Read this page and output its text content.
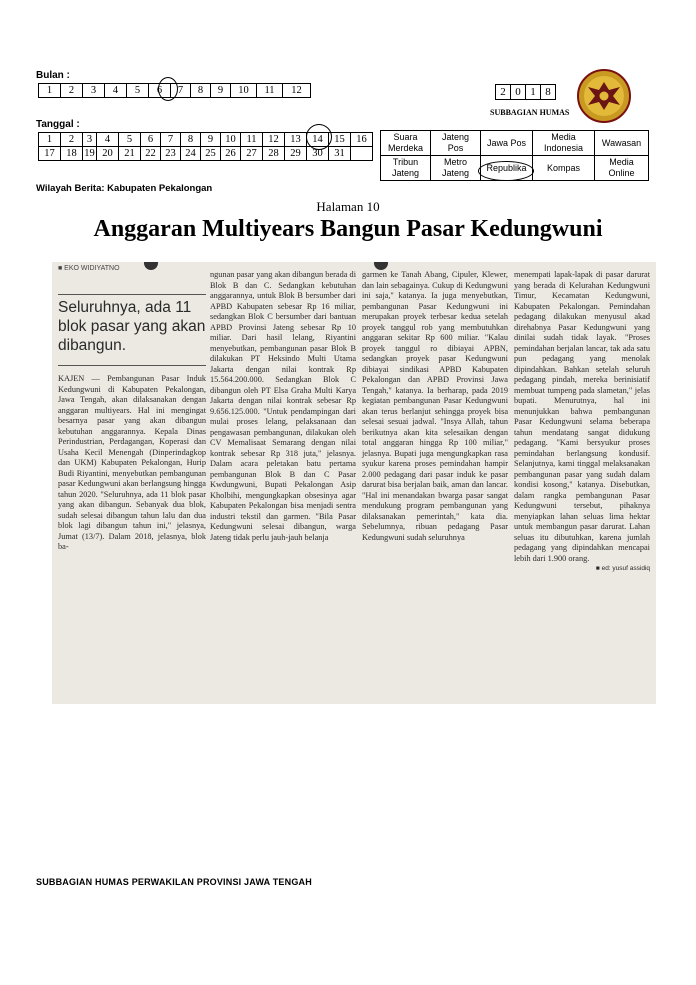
Bulan :
1	2	3	4	5	6	7	8	9	10	11	12
Tanggal :
1	2	3	4	5	6	7	8	9	10	11	12	13	14	15	16
17	18	19	20	21	22	23	24	25	26	27	28	29	30	31	
Wilayah Berita: Kabupaten Pekalongan
2	0	1	8
SUBBAGIAN HUMAS
Suara Merdeka	Jateng Pos	Jawa Pos	Media Indonesia	Wawasan
Tribun Jateng	Metro Jateng	Republika	Kompas	Media Online
Halaman 10
Anggaran Multiyears Bangun Pasar Kedungwuni
■ EKO WIDIYATNO
Seluruhnya, ada 11 blok pasar yang akan dibangun.

KAJEN — Pembangunan Pasar Induk Kedungwuni di Kabupaten Pekalongan, Jawa Tengah, akan dilaksanakan dengan anggaran multiyears. Hal ini mengingat besarnya pasar yang akan dibangun kebutuhan anggarannya. Kepala Dinas Perindustrian, Perdagangan, Koperasi dan Usaha Kecil Menengah (Dinperindagkop dan UKM) Kabupaten Pekalongan, Hurip Budi Riyantini, menyebutkan pembangunan pasar Kedungwuni akan berlangsung hingga tahun 2020. "Seluruhnya, ada 11 blok pasar yang akan dibangun. Sebanyak dua blok, sudah selesai dibangun tahun lalu dan dua blok lagi dibangun tahun ini," jelasnya, Jumat (13/7). Dalam 2018, jelasnya, blok ba-

ngunan pasar yang akan dibangun berada di Blok B dan C. Sedangkan kebutuhan anggarannya, untuk Blok B bersumber dari APBD Kabupaten sebesar Rp 16 miliar, sedangkan Blok C bersumber dari bantuan APBD Provinsi Jateng sebesar Rp 10 miliar. Dari hasil lelang, Riyantini menyebutkan, pembangunan pasar Blok B dilakukan PT Heksindo Multi Utama Jakarta dengan nilai kontrak Rp 15.564.200.000. Sedangkan Blok C dibangun oleh PT Elsa Graha Multi Karya Jakarta dengan nilai kontrak sebesar Rp 9.656.125.000. "Untuk pendampingan dari mulai proses lelang, pelaksanaan dan pengawasan pembangunan, dilakukan oleh CV Memalisaat Semarang dengan nilai kontrak sebesar Rp 318 juta," jelasnya. Dalam acara peletakan batu pertama pembangunan Blok B dan C Pasar Kwdungwuni, Bupati Pekalongan Asip Kholbihi, mengungkapkan obsesinya agar Kabupaten Pekalongan bisa menjadi sentra industri tekstil dan garmen. "Bila Pasar Kedungwuni selesai dibangun, warga Jateng tidak perlu jauh-jauh belanja

garmen ke Tanah Abang, Cipuler, Klewer, dan lain sebagainya. Cukup di Kedungwuni ini saja," katanya. Ia juga menyebutkan, pembangunan Pasar Kedungwuni ini merupakan proyek terbesar kedua setelah proyek tanggul rob yang membutuhkan anggaran sekitar Rp 600 miliar. "Kalau proyek tanggul ro dibiayai APBN, sedangkan proyek pasar Kedungwuni dibiayai sindikasi APBD Kabupaten Pekalongan dan APBD Provinsi Jawa Tengah," katanya. Ia berharap, pada 2019 kegiatan pembangunan Pasar Kedungwuni akan terus berlanjut sehingga proyek bisa selesai sesuai jadwal. "Insya Allah, tahun berikutnya akan kita selesaikan dengan total anggaran hingga Rp 100 miliar," jelasnya. Bupati juga mengungkapkan rasa syukur karena proses pemindahan hampir 2.000 pedagang dari pasar induk ke pasar darurat bisa berjalan baik, aman dan lancar. "Hal ini menandakan bwarga pasar sangat mendukung program pembangunan yang dilaksanakan pemerintah," kata dia. Sebelumnya, ribuan pedagang Pasar Kedungwuni sudah seluruhnya

menempati lapak-lapak di pasar darurat yang berada di Kelurahan Kedungwuni Timur, Kecamatan Kedungwuni, Kabupaten Pekalongan. Pemindahan pedagang dilakukan menyusul akad direhabnya Pasar Kedungwuni yang dinilai sudah tidak layak. "Proses pemindahan berjalan lancar, tak ada satu pun pedagang yang menolak dipindahkan. Bahkan setelah seluruh pedagang pindah, mereka berinisiatif membuat tumpeng pada slametan," jelas bupati. Menurutnya, hal ini menunjukkan bahwa pembangunan Pasar Kedungwuni selama beberapa tahun mendatang sangat didukung pedagang. "Kami bersyukur proses pemindahan berlangsung kondusif. Selanjutnya, kami tinggal melaksanakan pembangunan pasar yang sudah dalam kondisi kosong," katanya. Disebutkan, dalam rangka pembangunan Pasar Kedungwuni tersebut, pihaknya menyiapkan lahan seluas lima hektar untuk membangun pasar darurat. Lahan seluas itu dibutuhkan, karena jumlah pedagang yang dipindahkan mencapai lebih dari 1.900 orang.

■ ed: yusuf assidiq

SUBBAGIAN HUMAS PERWAKILAN PROVINSI JAWA TENGAH
